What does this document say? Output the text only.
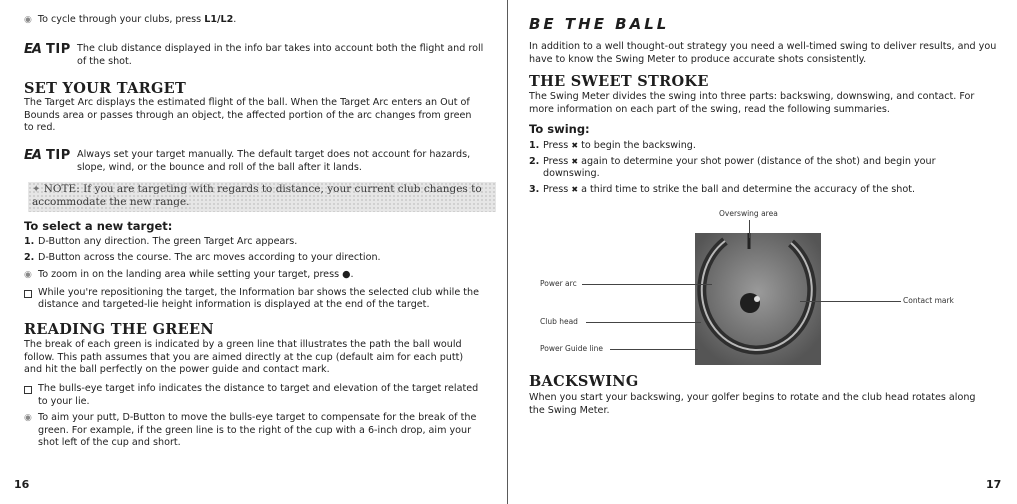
◉ To cycle through your clubs, press L1/L2.
EA TIP The club distance displayed in the info bar takes into account both the flight and roll of the shot.

SET YOUR TARGET

The Target Arc displays the estimated flight of the ball. When the Target Arc enters an Out of Bounds area or passes through an object, the affected portion of the arc changes from green to red.

EA TIP Always set your target manually. The default target does not account for hazards, slope, wind, or the bounce and roll of the ball after it lands.

✦ NOTE: If you are targeting with regards to distance, your current club changes to accommodate the new range.
To select a new target:
1. D-Button any direction. The green Target Arc appears.
2. D-Button across the course. The arc moves according to your direction.
◉ To zoom in on the landing area while setting your target, press ●.
While you're repositioning the target, the Information bar shows the selected club while the distance and targeted-lie height information is displayed at the end of the target.
READING THE GREEN

The break of each green is indicated by a green line that illustrates the path the ball would follow. This path assumes that you are aimed directly at the cup (default aim for each putt) and hit the ball perfectly on the power guide and contact mark.

The bulls-eye target info indicates the distance to target and elevation of the target related to your lie.
◉ To aim your putt, D-Button to move the bulls-eye target to compensate for the break of the green. For example, if the green line is to the right of the cup with a 6-inch drop, aim your shot left of the cup and short.
16
BE THE BALL

In addition to a well thought-out strategy you need a well-timed swing to deliver results, and you have to know the Swing Meter to produce accurate shots consistently.

THE SWEET STROKE

The Swing Meter divides the swing into three parts: backswing, downswing, and contact. For more information on each part of the swing, read the following summaries.

To swing:
1. Press ✖ to begin the backswing.
2. Press ✖ again to determine your shot power (distance of the shot) and begin your downswing.
3. Press ✖ a third time to strike the ball and determine the accuracy of the shot.
Overswing area
Power arc
Club head
Power Guide line
Contact mark
BACKSWING

When you start your backswing, your golfer begins to rotate and the club head rotates along the Swing Meter.

17
